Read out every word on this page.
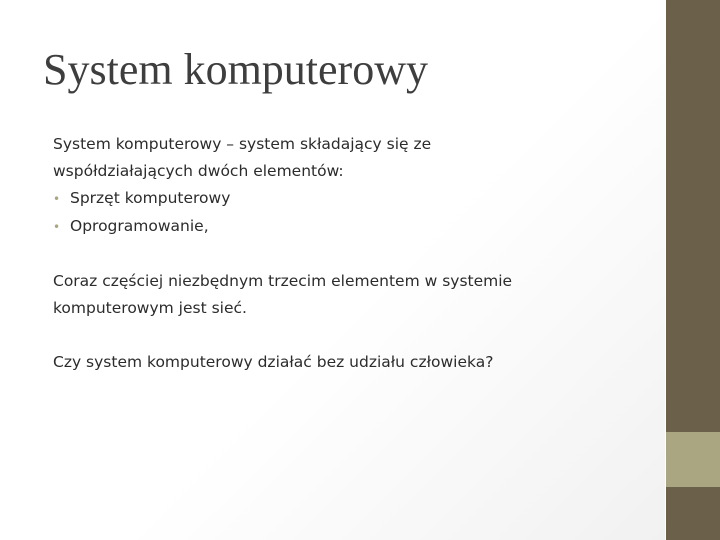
System komputerowy

System komputerowy – system składający się ze

współdziałających dwóch elementów:

• Sprzęt komputerowy
• Oprogramowanie,

Coraz częściej niezbędnym trzecim elementem w systemie

komputerowym jest sieć.

Czy system komputerowy działać bez udziału człowieka?
